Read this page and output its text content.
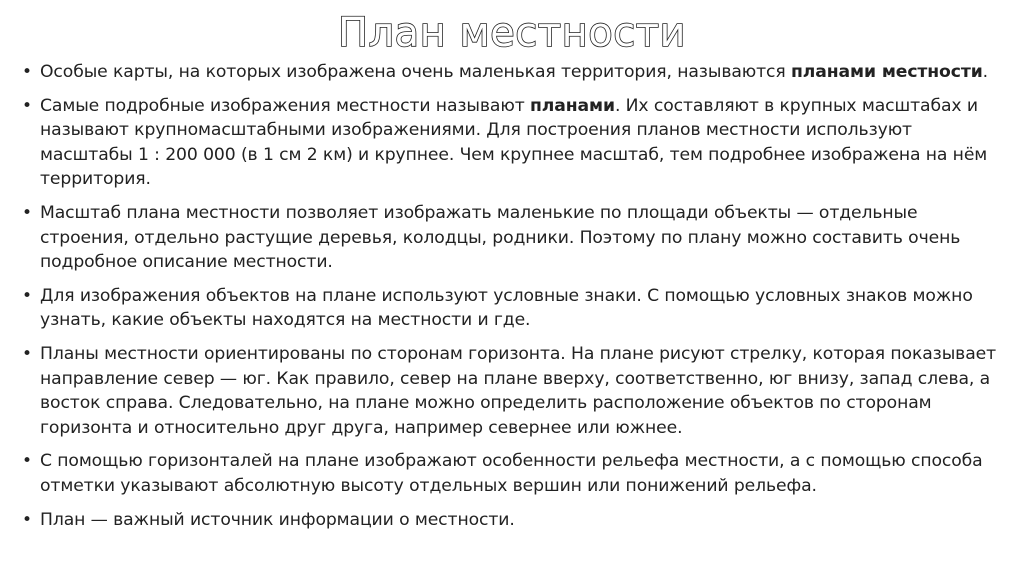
План местности
• Особые карты, на которых изображена очень маленькая территория, называются планами местности.
• Самые подробные изображения местности называют планами. Их составляют в крупных масштабах и называют крупномасштабными изображениями. Для построения планов местности используют масштабы 1 : 200 000 (в 1 см 2 км) и крупнее. Чем крупнее масштаб, тем подробнее изображена на нём территория.
• Масштаб плана местности позволяет изображать маленькие по площади объекты — отдельные строения, отдельно растущие деревья, колодцы, родники. Поэтому по плану можно составить очень подробное описание местности.
• Для изображения объектов на плане используют условные знаки. С помощью условных знаков можно узнать, какие объекты находятся на местности и где.
• Планы местности ориентированы по сторонам горизонта. На плане рисуют стрелку, которая показывает направление север — юг. Как правило, север на плане вверху, соответственно, юг внизу, запад слева, а восток справа. Следовательно, на плане можно определить расположение объектов по сторонам горизонта и относительно друг друга, например севернее или южнее.
• С помощью горизонталей на плане изображают особенности рельефа местности, а с помощью способа отметки указывают абсолютную высоту отдельных вершин или понижений рельефа.
• План — важный источник информации о местности.
